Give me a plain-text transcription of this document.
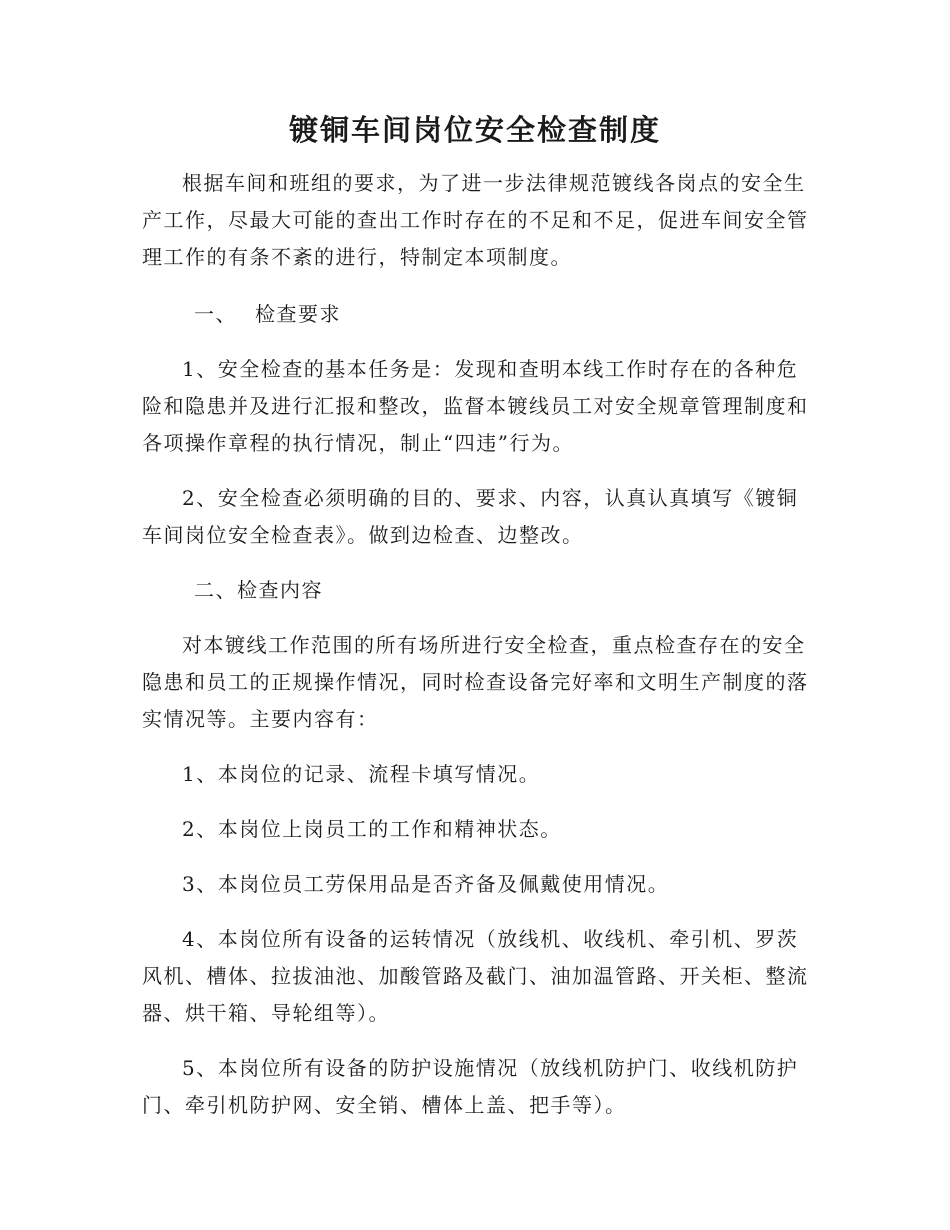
镀铜车间岗位安全检查制度

根据车间和班组的要求，为了进一步法律规范镀线各岗点的安全生产工作，尽最大可能的查出工作时存在的不足和不足，促进车间安全管理工作的有条不紊的进行，特制定本项制度。

一、 检查要求

1、安全检查的基本任务是：发现和查明本线工作时存在的各种危险和隐患并及进行汇报和整改，监督本镀线员工对安全规章管理制度和各项操作章程的执行情况，制止“四违”行为。

2、安全检查必须明确的目的、要求、内容，认真认真填写《镀铜车间岗位安全检查表》。做到边检查、边整改。

二、检查内容

对本镀线工作范围的所有场所进行安全检查，重点检查存在的安全隐患和员工的正规操作情况，同时检查设备完好率和文明生产制度的落实情况等。主要内容有：

1、本岗位的记录、流程卡填写情况。

2、本岗位上岗员工的工作和精神状态。

3、本岗位员工劳保用品是否齐备及佩戴使用情况。

4、本岗位所有设备的运转情况（放线机、收线机、牵引机、罗茨风机、槽体、拉拔油池、加酸管路及截门、油加温管路、开关柜、整流器、烘干箱、导轮组等）。

5、本岗位所有设备的防护设施情况（放线机防护门、收线机防护门、牵引机防护网、安全销、槽体上盖、把手等）。
